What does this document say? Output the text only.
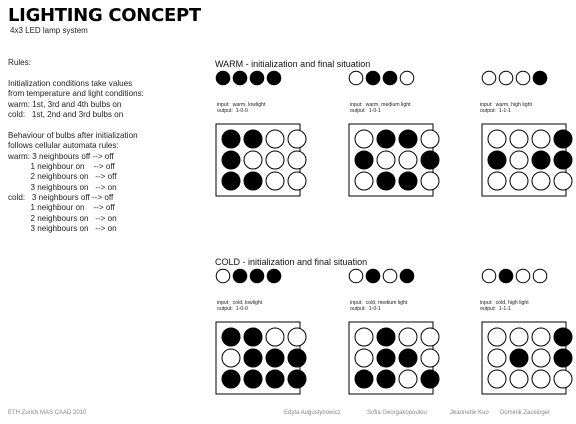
LIGHTING CONCEPT
4x3 LED lamp system
Rules:
Initialization conditions take values
from temperature and light conditions:
warm: 1st, 3rd and 4th bulbs on
cold:   1st, 2nd and 3rd bulbs on
Behaviour of bulbs after initialization
follows cellular automata rules:
warm: 3 neighbours off --> off
1 neighbour on    --> off
2 neighbours on   --> off
3 neighbours on   --> on
cold:   3 neighbours off --> off
1 neighbour on    --> off
2 neighbours on   --> on
3 neighbours on   --> on
WARM - initialization and final situation
COLD - initialization and final situation
input:  warm, lowlight
output:  1-0-0
input:  warm, medium light
output:  1-0-1
input:  warm, high light
output:  1-1-1
input:  cold, lowlight
output:  1-0-0
input:  cold, medium light
output:  1-0-1
input:  cold, high light
output:  1-1-1
ETH Zurich MAS CAAD 2010	Edyta Augustynowicz	Sofia Georgakopoulou	Jeannette Kuo Dominik Zausinger
